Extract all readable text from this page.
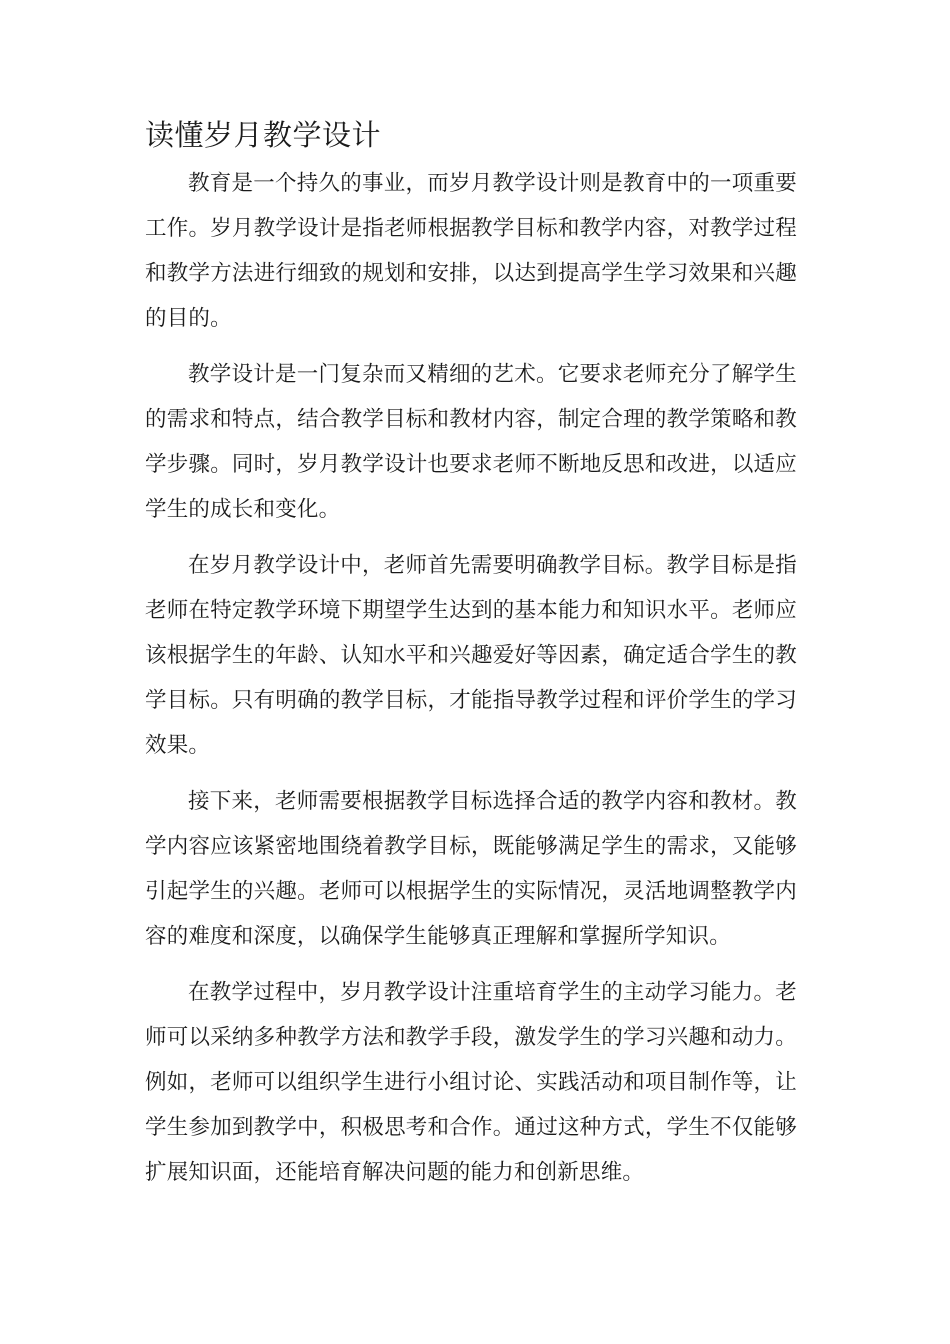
读懂岁月教学设计

教育是一个持久的事业，而岁月教学设计则是教育中的一项重要工作。岁月教学设计是指老师根据教学目标和教学内容，对教学过程和教学方法进行细致的规划和安排，以达到提高学生学习效果和兴趣的目的。

教学设计是一门复杂而又精细的艺术。它要求老师充分了解学生的需求和特点，结合教学目标和教材内容，制定合理的教学策略和教学步骤。同时，岁月教学设计也要求老师不断地反思和改进，以适应学生的成长和变化。

在岁月教学设计中，老师首先需要明确教学目标。教学目标是指老师在特定教学环境下期望学生达到的基本能力和知识水平。老师应该根据学生的年龄、认知水平和兴趣爱好等因素，确定适合学生的教学目标。只有明确的教学目标，才能指导教学过程和评价学生的学习效果。

接下来，老师需要根据教学目标选择合适的教学内容和教材。教学内容应该紧密地围绕着教学目标，既能够满足学生的需求，又能够引起学生的兴趣。老师可以根据学生的实际情况，灵活地调整教学内容的难度和深度，以确保学生能够真正理解和掌握所学知识。

在教学过程中，岁月教学设计注重培育学生的主动学习能力。老师可以采纳多种教学方法和教学手段，激发学生的学习兴趣和动力。例如，老师可以组织学生进行小组讨论、实践活动和项目制作等，让学生参加到教学中，积极思考和合作。通过这种方式，学生不仅能够扩展知识面，还能培育解决问题的能力和创新思维。
